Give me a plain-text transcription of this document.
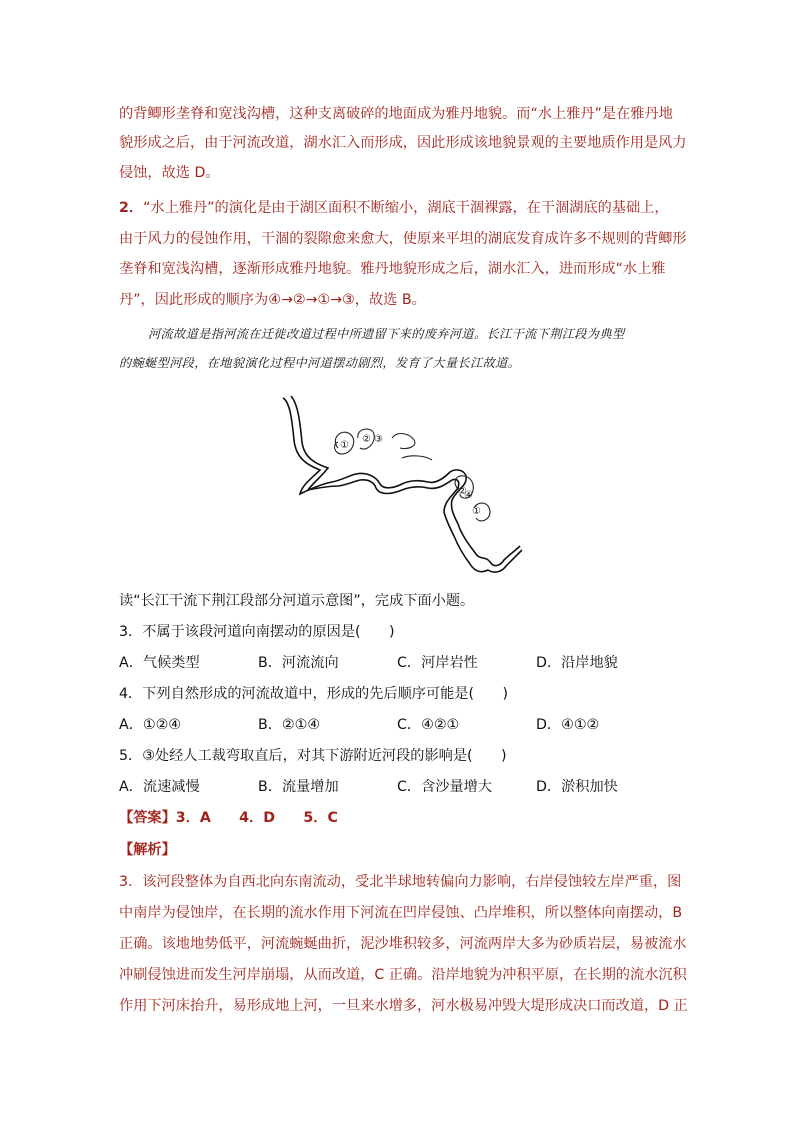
的背鲫形垄脊和宽浅沟槽，这种支离破碎的地面成为雅丹地貌。而“水上雅丹”是在雅丹地
貌形成之后，由于河流改道，湖水汇入而形成，因此形成该地貌景观的主要地质作用是风力
侵蚀，故选 D。
2．“水上雅丹”的演化是由于湖区面积不断缩小，湖底干涸裸露，在干涸湖底的基础上，
由于风力的侵蚀作用，干涸的裂隙愈来愈大，使原来平坦的湖底发育成许多不规则的背鲫形
垄脊和宽浅沟槽，逐渐形成雅丹地貌。雅丹地貌形成之后，湖水汇入，进而形成“水上雅
丹”，因此形成的顺序为④→②→①→③，故选 B。
河流故道是指河流在迁徙改道过程中所遗留下来的废弃河道。长江干流下荆江段为典型
的蜿蜒型河段，在地貌演化过程中河道摆动剧烈，发育了大量长江故道。
①
② ③
①
②
④
读“长江干流下荆江段部分河道示意图”，完成下面小题。
3．不属于该段河道向南摆动的原因是(　　)
A．气候类型	B．河流流向	C．河岸岩性	D．沿岸地貌
4．下列自然形成的河流故道中，形成的先后顺序可能是(　　)
A．①②④	B．②①④	C．④②①	D．④①②
5．③处经人工裁弯取直后，对其下游附近河段的影响是(　　)
A．流速减慢	B．流量增加	C．含沙量增大	D．淤积加快
【答案】3．A　　4．D　　5．C
【解析】
3．该河段整体为自西北向东南流动，受北半球地转偏向力影响，右岸侵蚀较左岸严重，图
中南岸为侵蚀岸，在长期的流水作用下河流在凹岸侵蚀、凸岸堆积，所以整体向南摆动，B
正确。该地地势低平，河流蜿蜒曲折，泥沙堆积较多，河流两岸大多为砂质岩层，易被流水
冲刷侵蚀进而发生河岸崩塌，从而改道，C 正确。沿岸地貌为冲积平原，在长期的流水沉积
作用下河床抬升，易形成地上河，一旦来水增多，河水极易冲毁大堤形成决口而改道，D 正
